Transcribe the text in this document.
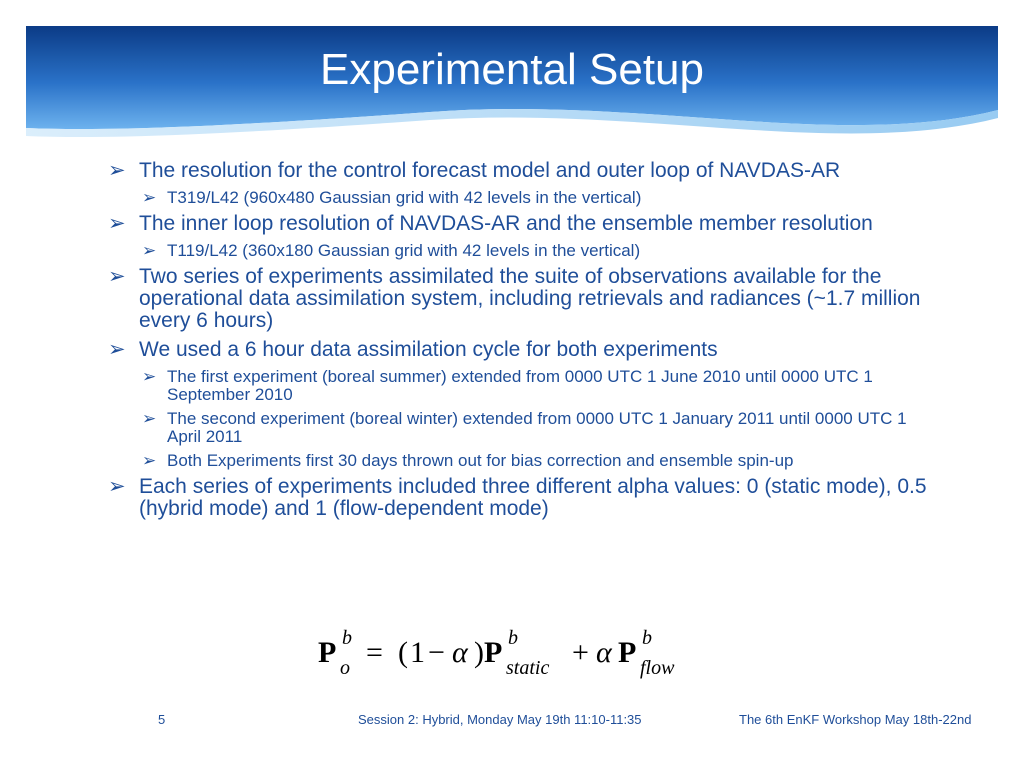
Experimental Setup
➢ The resolution for the control forecast model and outer loop of NAVDAS-AR
➢ T319/L42 (960x480 Gaussian grid with 42 levels in the vertical)
➢ The inner loop resolution of NAVDAS-AR and the ensemble member resolution
➢ T119/L42 (360x180 Gaussian grid with 42 levels in the vertical)
➢ Two series of experiments assimilated the suite of observations available for the operational data assimilation system, including retrievals and radiances (~1.7 million every 6 hours)
➢ We used a 6 hour data assimilation cycle for both experiments
➢ The first experiment (boreal summer) extended from 0000 UTC 1 June 2010 until 0000 UTC 1 September 2010
➢ The second experiment (boreal winter) extended from 0000 UTC 1 January 2011 until 0000 UTC 1 April 2011
➢ Both Experiments first 30 days thrown out for bias correction and ensemble spin-up
➢ Each series of experiments included three different alpha values: 0 (static mode), 0.5 (hybrid mode) and 1 (flow-dependent mode)
P b
o = ( 1 − α ) P b
static + α P b
flow
5	Session 2: Hybrid, Monday May 19th 11:10-11:35	The 6th EnKF Workshop May 18th-22nd
